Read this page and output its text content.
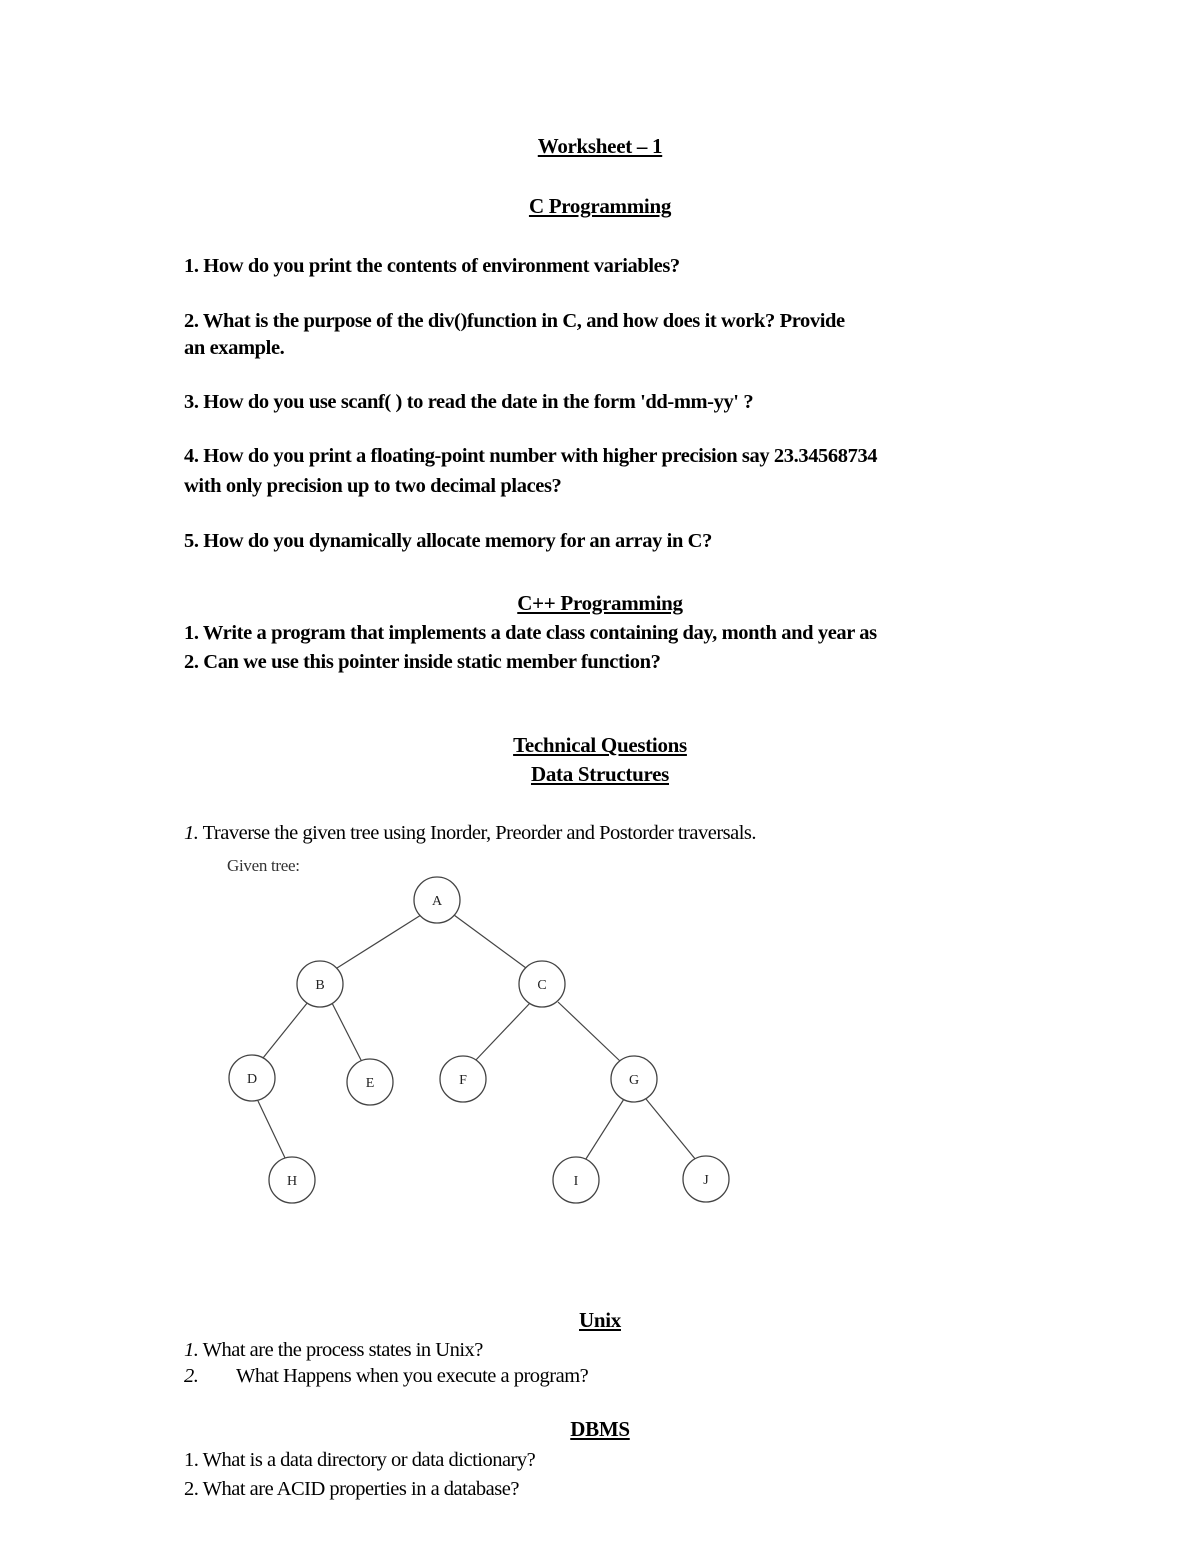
Worksheet – 1
C Programming
1. How do you print the contents of environment variables?
2. What is the purpose of the div()function in C, and how does it work? Provide
an example.
3. How do you use scanf( ) to read the date in the form 'dd-mm-yy' ?
4. How do you print a floating-point number with higher precision say 23.34568734
with only precision up to two decimal places?
5. How do you dynamically allocate memory for an array in C?
C++ Programming
1. Write a program that implements a date class containing day, month and year as
2. Can we use this pointer inside static member function?
Technical Questions
Data Structures
1. Traverse the given tree using Inorder, Preorder and Postorder traversals.
Given tree:
A
B	C
D	E	F	G
H	I	J
Unix
1. What are the process states in Unix?
2. What Happens when you execute a program?
DBMS
1. What is a data directory or data dictionary?
2. What are ACID properties in a database?
